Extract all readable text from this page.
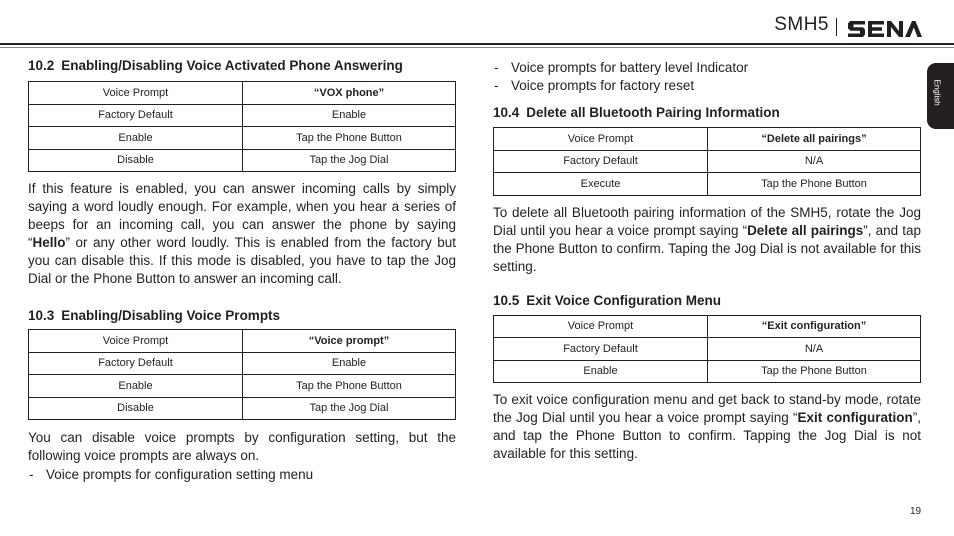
SMH5
English
10.2 Enabling/Disabling Voice Activated Phone Answering
Voice Prompt	“VOX phone”
Factory Default	Enable
Enable	Tap the Phone Button
Disable	Tap the Jog Dial

If this feature is enabled, you can answer incoming calls by simply saying a word loudly enough. For example, when you hear a series of beeps for an incoming call, you can answer the phone by saying “Hello” or any other word loudly. This is enabled from the factory but you can disable this. If this mode is disabled, you have to tap the Jog Dial or the Phone Button to answer an incoming call.

10.3 Enabling/Disabling Voice Prompts
Voice Prompt	“Voice prompt”
Factory Default	Enable
Enable	Tap the Phone Button
Disable	Tap the Jog Dial

You can disable voice prompts by configuration setting, but the following voice prompts are always on.

- Voice prompts for configuration setting menu
- Voice prompts for battery level Indicator
- Voice prompts for factory reset
10.4 Delete all Bluetooth Pairing Information
Voice Prompt	“Delete all pairings”
Factory Default	N/A
Execute	Tap the Phone Button

To delete all Bluetooth pairing information of the SMH5, rotate the Jog Dial until you hear a voice prompt saying “Delete all pairings”, and tap the Phone Button to confirm. Taping the Jog Dial is not available for this setting.

10.5 Exit Voice Configuration Menu
Voice Prompt	“Exit configuration”
Factory Default	N/A
Enable	Tap the Phone Button

To exit voice configuration menu and get back to stand-by mode, rotate the Jog Dial until you hear a voice prompt saying “Exit configuration”, and tap the Phone Button to confirm. Tapping the Jog Dial is not available for this setting.

19
